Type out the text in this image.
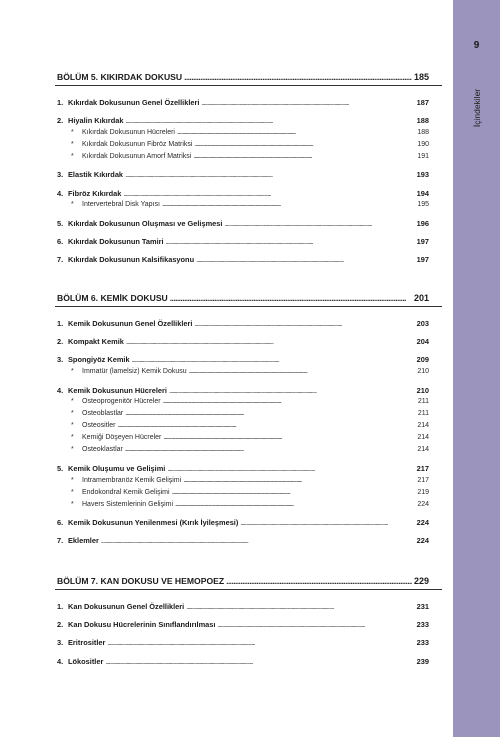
9
İçindekiler
BÖLÜM 5. KIKIRDAK DOKUSU . . .	185
1. Kıkırdak Dokusunun Genel Özellikleri . . .	187
2. Hiyalin Kıkırdak . . .	188
*	Kıkırdak Dokusunun Hücreleri . . .	188
*	Kıkırdak Dokusunun Fibröz Matriksi . . .	190
*	Kıkırdak Dokusunun Amorf Matriksi . . .	191
3. Elastik Kıkırdak . . .	193
4. Fibröz Kıkırdak . . .	194
*	İntervertebral Disk Yapısı . . .	195
5. Kıkırdak Dokusunun Oluşması ve Gelişmesi . . .	196
6. Kıkırdak Dokusunun Tamiri . . .	197
7. Kıkırdak Dokusunun Kalsifikasyonu . . .	197
BÖLÜM 6. KEMİK DOKUSU . . .	201
1. Kemik Dokusunun Genel Özellikleri . . .	203
2. Kompakt Kemik . . .	204
3. Spongiyöz Kemik . . .	209
*	İmmatür (lamelsiz) Kemik Dokusu . . .	210
4. Kemik Dokusunun Hücreleri . . .	210
*	Osteoprogenitör Hücreler . . .	211
*	Osteoblastlar . . .	211
*	Osteositler . . .	214
*	Kemiği Döşeyen Hücreler . . .	214
*	Osteoklastlar . . .	214
5. Kemik Oluşumu ve Gelişimi . . .	217
*	İntramembranöz Kemik Gelişimi . . .	217
*	Endokondral Kemik Gelişimi . . .	219
*	Havers Sistemlerinin Gelişimi . . .	224
6. Kemik Dokusunun Yenilenmesi (Kırık İyileşmesi) . . .	224
7. Eklemler . . .	224
BÖLÜM 7. KAN DOKUSU VE HEMOPOEZ . . .	229
1. Kan Dokusunun Genel Özellikleri . . .	231
2. Kan Dokusu Hücrelerinin Sınıflandırılması . . .	233
3. Eritrositler . . .	233
4. Lökositler . . .	239
